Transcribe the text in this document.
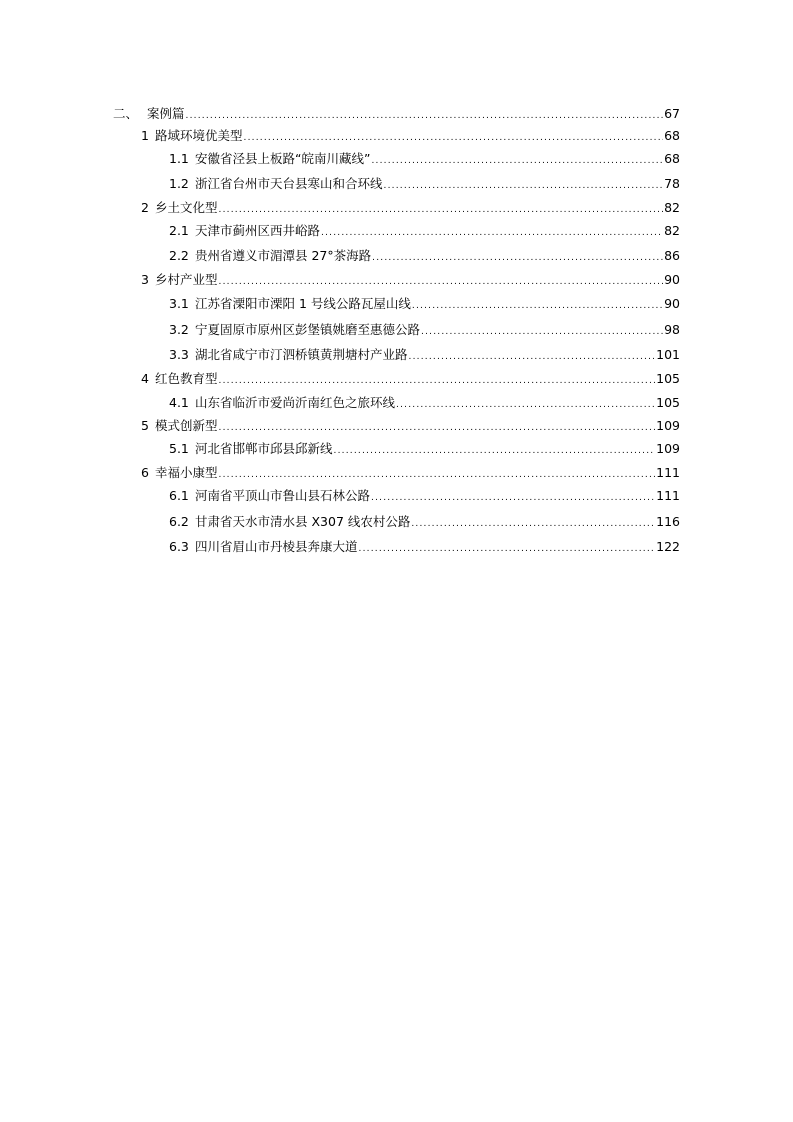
二、 案例篇 .....	67
1 路域环境优美型 .....	68
1.1 安徽省泾县上板路“皖南川藏线” .....	68
1.2 浙江省台州市天台县寒山和合环线 .....	78
2 乡土文化型 .....	82
2.1 天津市蓟州区西井峪路 .....	82
2.2 贵州省遵义市湄潭县 27°茶海路 .....	86
3 乡村产业型 .....	90
3.1 江苏省溧阳市溧阳 1 号线公路瓦屋山线 .....	90
3.2 宁夏固原市原州区彭堡镇姚磨至惠德公路 .....	98
3.3 湖北省咸宁市汀泗桥镇黄荆塘村产业路 .....	101
4 红色教育型 .....	105
4.1 山东省临沂市爱尚沂南红色之旅环线 .....	105
5 模式创新型 .....	109
5.1 河北省邯郸市邱县邱新线 .....	109
6 幸福小康型 .....	111
6.1 河南省平顶山市鲁山县石林公路 .....	111
6.2 甘肃省天水市清水县 X307 线农村公路 .....	116
6.3 四川省眉山市丹棱县奔康大道 .....	122
